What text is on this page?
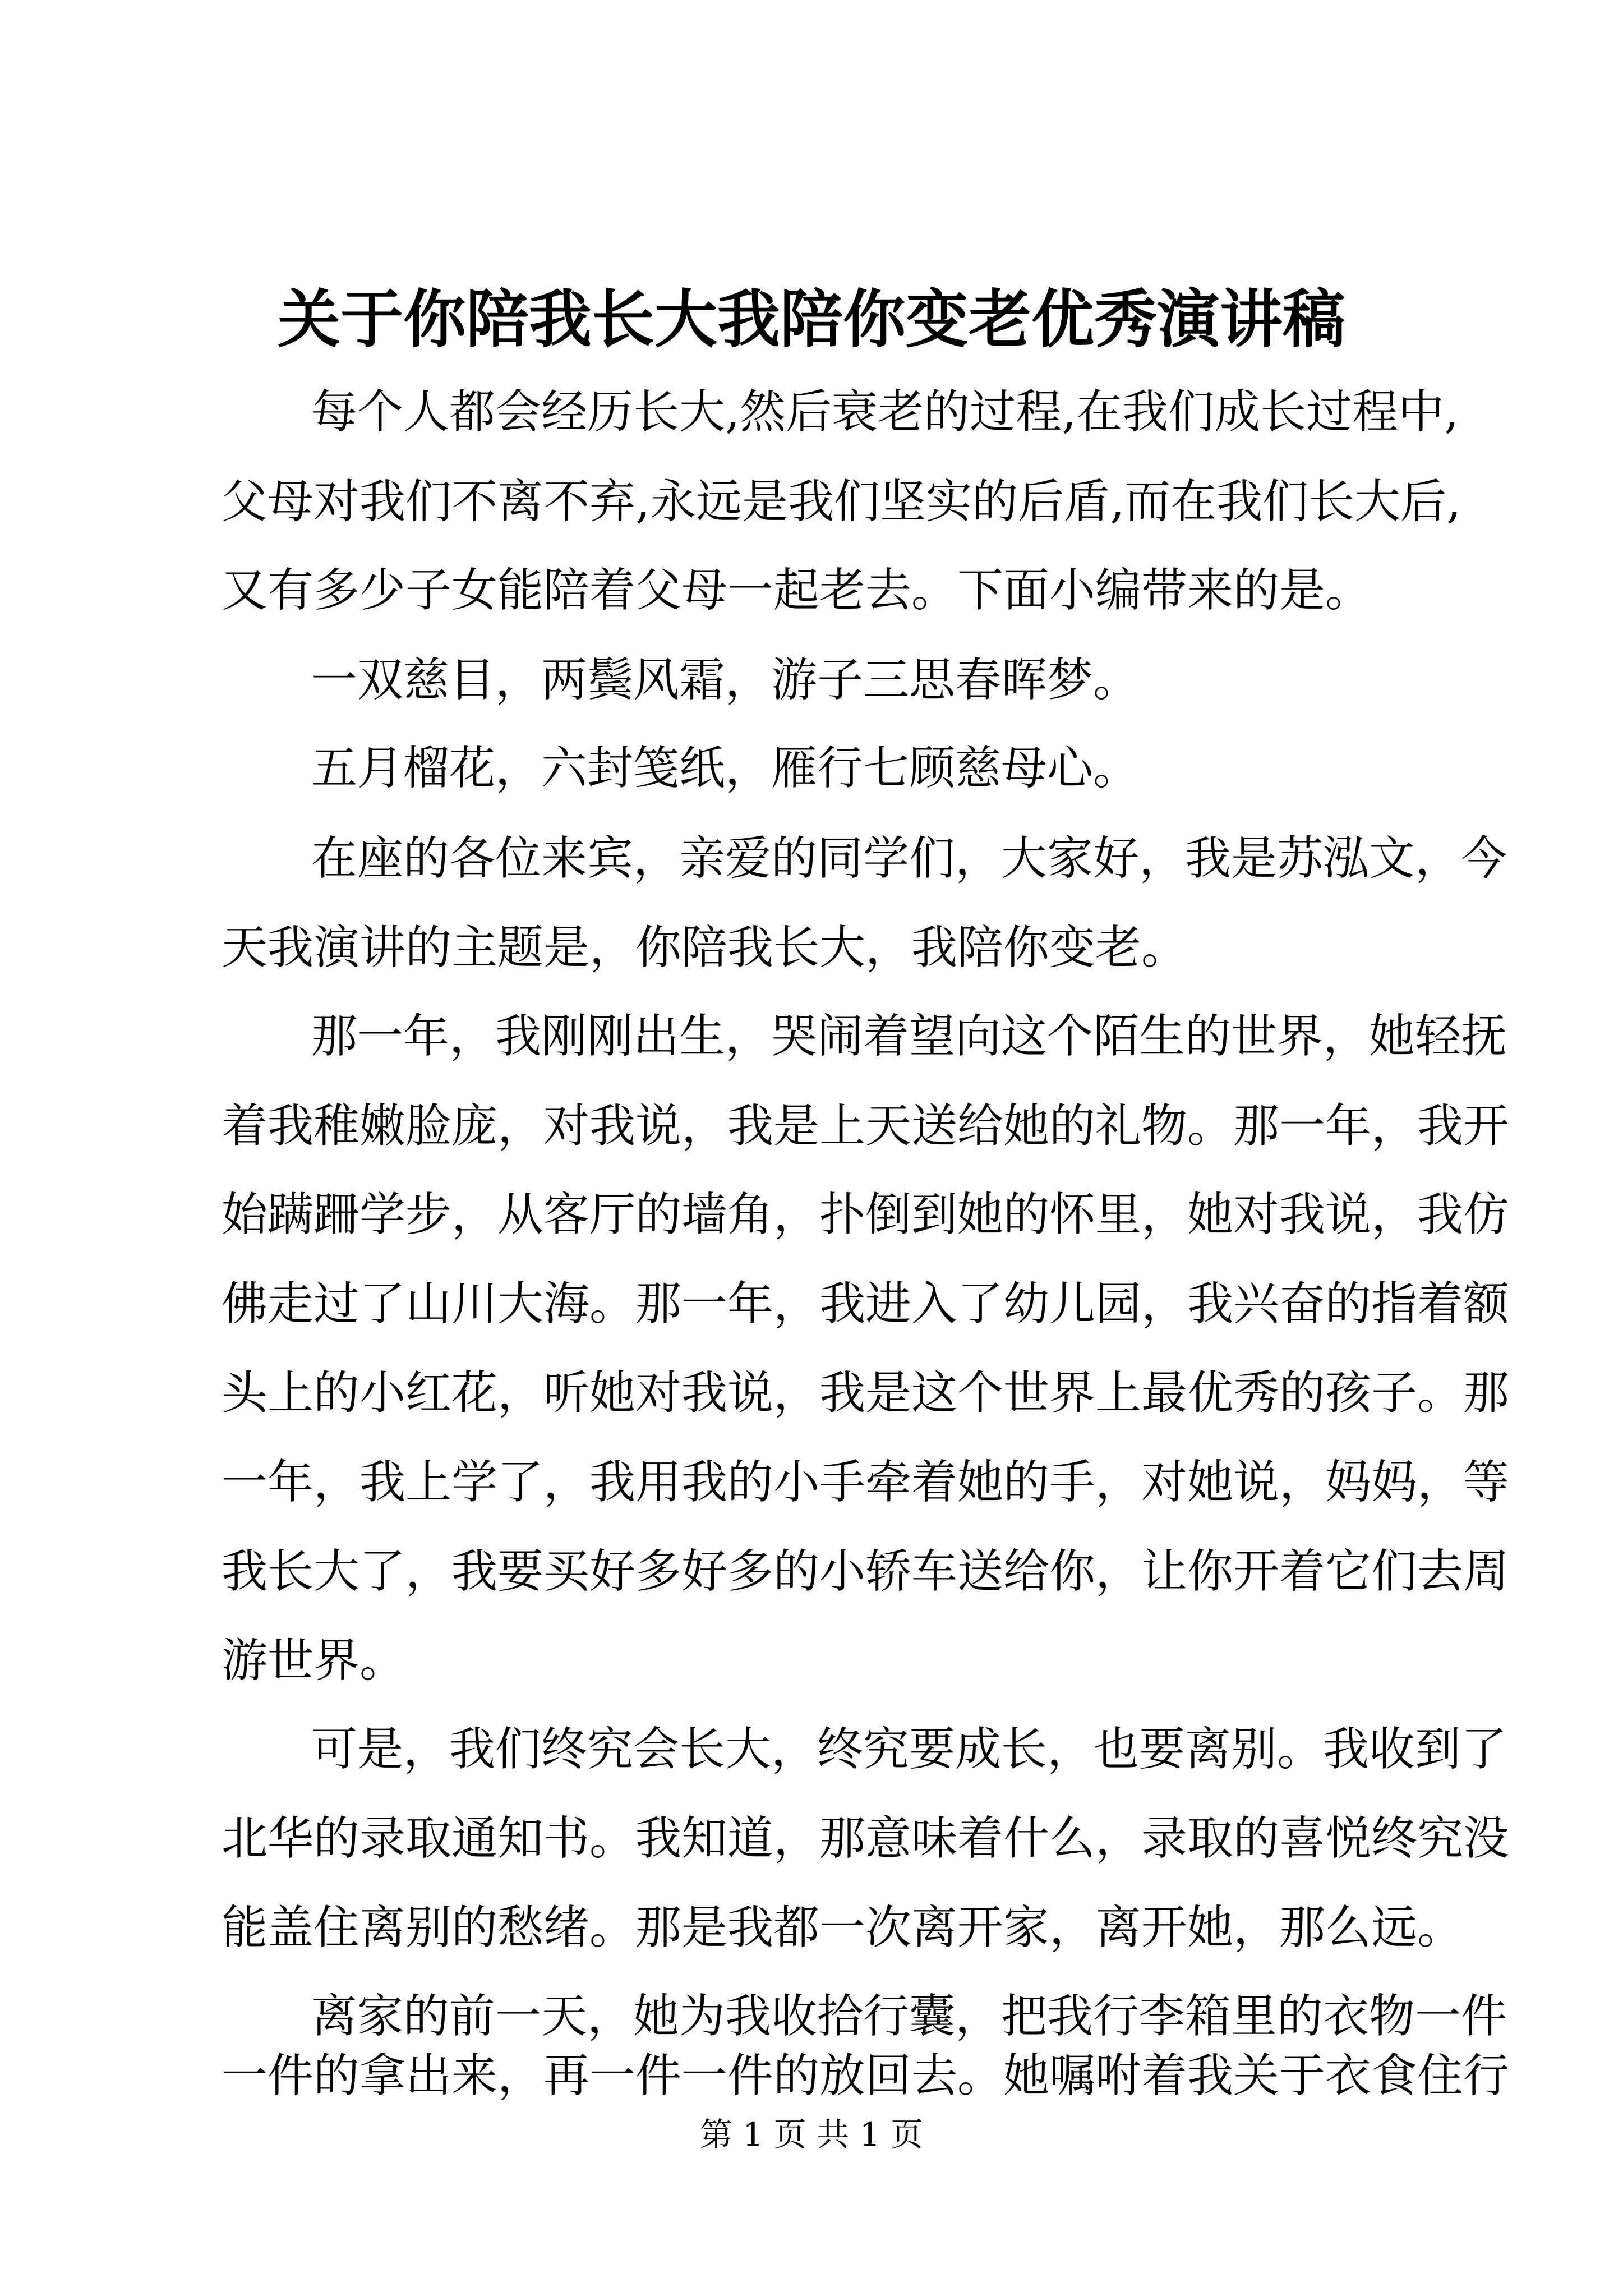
关于你陪我长大我陪你变老优秀演讲稿
每个人都会经历长大,然后衰老的过程,在我们成长过程中,
父母对我们不离不弃,永远是我们坚实的后盾,而在我们长大后,
又有多少子女能陪着父母一起老去。下面小编带来的是。
一双慈目，两鬓风霜，游子三思春晖梦。
五月榴花，六封笺纸，雁行七顾慈母心。
在座的各位来宾，亲爱的同学们，大家好，我是苏泓文，今
天我演讲的主题是，你陪我长大，我陪你变老。
那一年，我刚刚出生，哭闹着望向这个陌生的世界，她轻抚
着我稚嫩脸庞，对我说，我是上天送给她的礼物。那一年，我开
始蹒跚学步，从客厅的墙角，扑倒到她的怀里，她对我说，我仿
佛走过了山川大海。那一年，我进入了幼儿园，我兴奋的指着额
头上的小红花，听她对我说，我是这个世界上最优秀的孩子。那
一年，我上学了，我用我的小手牵着她的手，对她说，妈妈，等
我长大了，我要买好多好多的小轿车送给你，让你开着它们去周
游世界。
可是，我们终究会长大，终究要成长，也要离别。我收到了
北华的录取通知书。我知道，那意味着什么，录取的喜悦终究没
能盖住离别的愁绪。那是我都一次离开家，离开她，那么远。
离家的前一天，她为我收拾行囊，把我行李箱里的衣物一件
一件的拿出来，再一件一件的放回去。她嘱咐着我关于衣食住行
第 1 页 共 1 页
